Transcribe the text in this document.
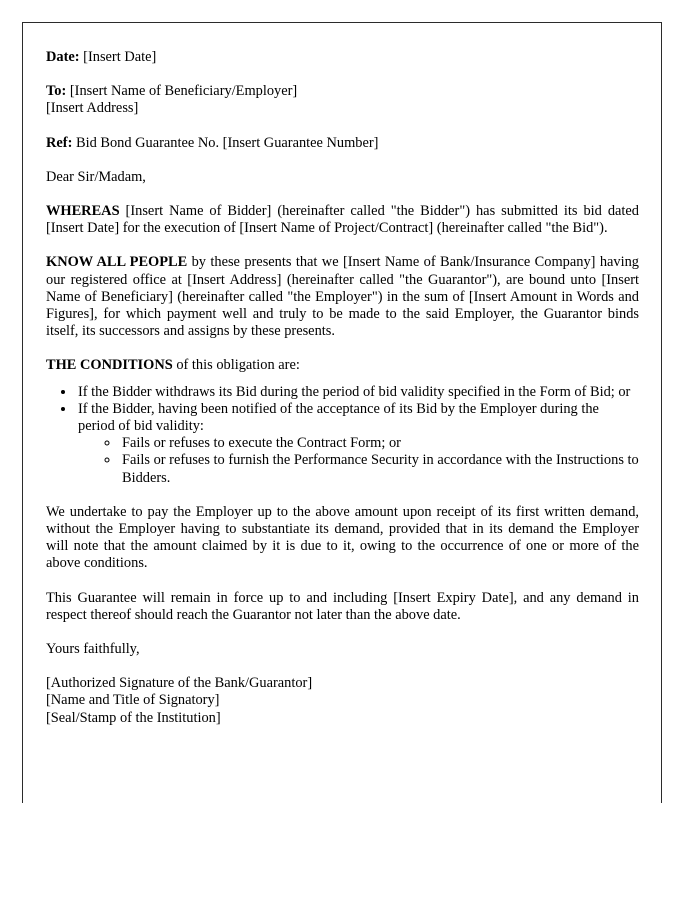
Date: [Insert Date]

To: [Insert Name of Beneficiary/Employer]

[Insert Address]

Ref: Bid Bond Guarantee No. [Insert Guarantee Number]

Dear Sir/Madam,

WHEREAS [Insert Name of Bidder] (hereinafter called "the Bidder") has submitted its bid dated [Insert Date] for the execution of [Insert Name of Project/Contract] (hereinafter called "the Bid").

KNOW ALL PEOPLE by these presents that we [Insert Name of Bank/Insurance Company] having our registered office at [Insert Address] (hereinafter called "the Guarantor"), are bound unto [Insert Name of Beneficiary] (hereinafter called "the Employer") in the sum of [Insert Amount in Words and Figures], for which payment well and truly to be made to the said Employer, the Guarantor binds itself, its successors and assigns by these presents.

THE CONDITIONS of this obligation are:

• If the Bidder withdraws its Bid during the period of bid validity specified in the Form of Bid; or
• If the Bidder, having been notified of the acceptance of its Bid by the Employer during the period of bid validity:
◦ Fails or refuses to execute the Contract Form; or
◦ Fails or refuses to furnish the Performance Security in accordance with the Instructions to Bidders.

We undertake to pay the Employer up to the above amount upon receipt of its first written demand, without the Employer having to substantiate its demand, provided that in its demand the Employer will note that the amount claimed by it is due to it, owing to the occurrence of one or more of the above conditions.

This Guarantee will remain in force up to and including [Insert Expiry Date], and any demand in respect thereof should reach the Guarantor not later than the above date.

Yours faithfully,

[Authorized Signature of the Bank/Guarantor]

[Name and Title of Signatory]

[Seal/Stamp of the Institution]
